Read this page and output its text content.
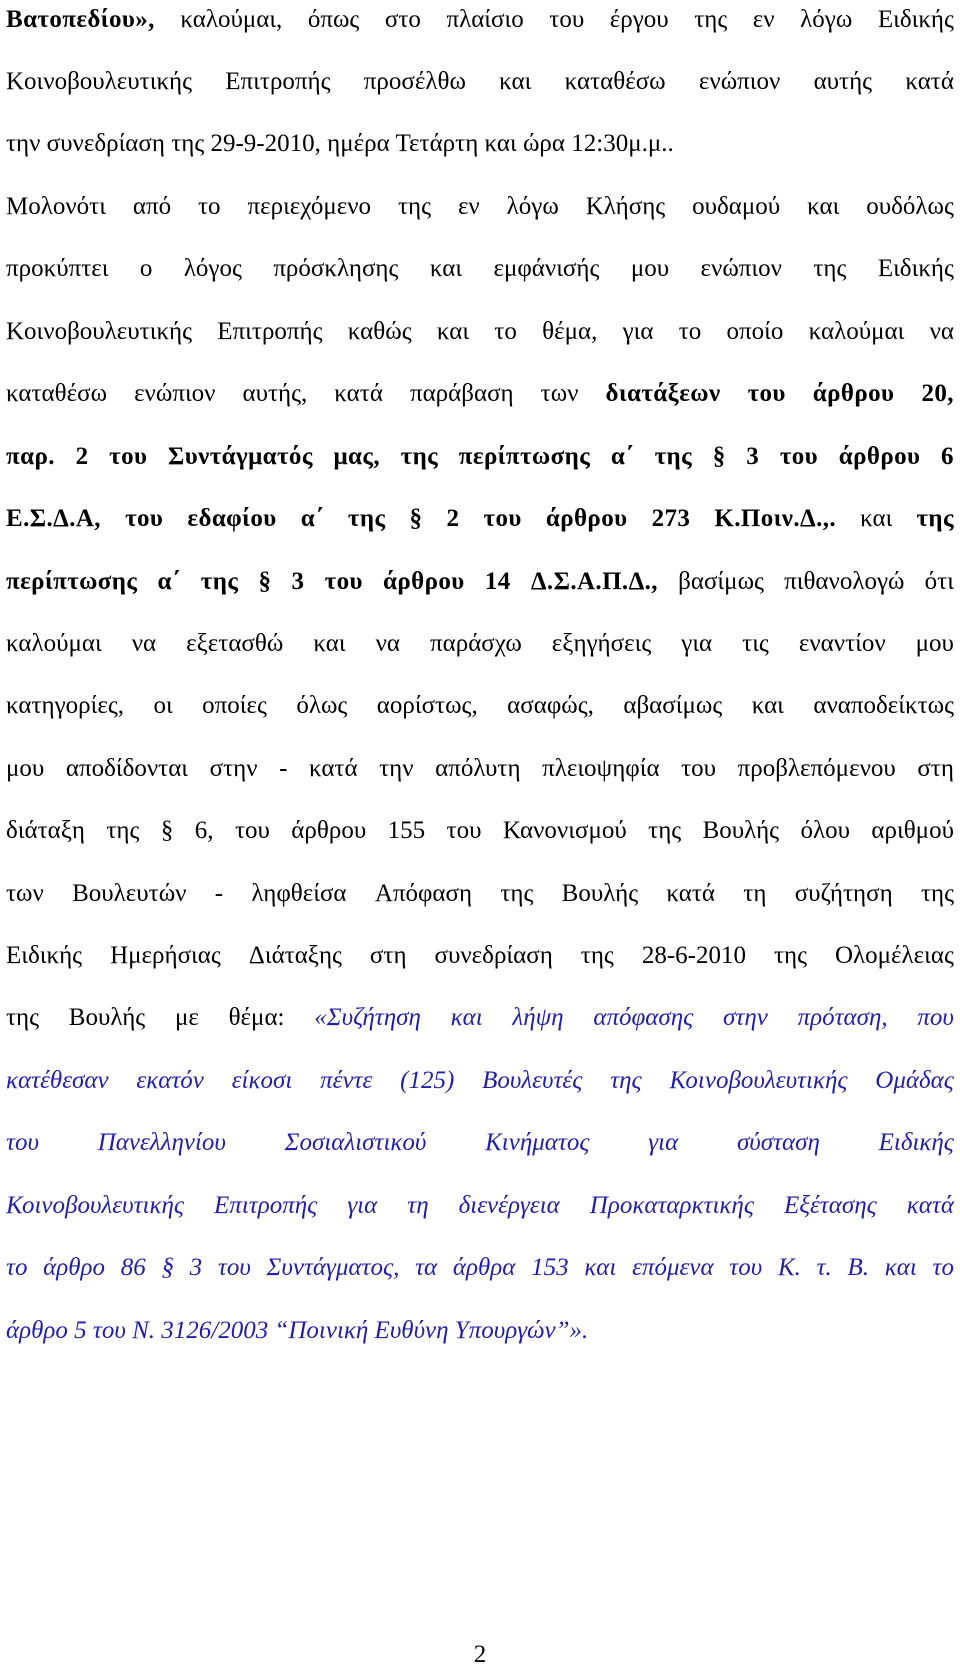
Βατοπεδίου», καλούμαι, όπως στο πλαίσιο του έργου της εν λόγω Ειδικής
Κοινοβουλευτικής Επιτροπής προσέλθω και καταθέσω ενώπιον αυτής κατά
την συνεδρίαση της 29-9-2010, ημέρα Τετάρτη και ώρα 12:30μ.μ..
Μολονότι από το περιεχόμενο της εν λόγω Κλήσης ουδαμού και ουδόλως
προκύπτει ο λόγος πρόσκλησης και εμφάνισής μου ενώπιον της Ειδικής
Κοινοβουλευτικής Επιτροπής καθώς και το θέμα, για το οποίο καλούμαι να
καταθέσω ενώπιον αυτής, κατά παράβαση των διατάξεων του άρθρου 20,
παρ. 2 του Συντάγματός μας, της περίπτωσης α΄ της § 3 του άρθρου 6
Ε.Σ.Δ.Α, του εδαφίου α΄ της § 2 του άρθρου 273 Κ.Ποιν.Δ.,. και της
περίπτωσης α΄ της § 3 του άρθρου 14 Δ.Σ.Α.Π.Δ., βασίμως πιθανολογώ ότι
καλούμαι να εξετασθώ και να παράσχω εξηγήσεις για τις εναντίον μου
κατηγορίες, οι οποίες όλως αορίστως, ασαφώς, αβασίμως και αναποδείκτως
μου αποδίδονται στην - κατά την απόλυτη πλειοψηφία του προβλεπόμενου στη
διάταξη της § 6, του άρθρου 155 του Κανονισμού της Βουλής όλου αριθμού
των Βουλευτών - ληφθείσα Απόφαση της Βουλής κατά τη συζήτηση της
Ειδικής Ημερήσιας Διάταξης στη συνεδρίαση της 28-6-2010 της Ολομέλειας
της Βουλής με θέμα: «Συζήτηση και λήψη απόφασης στην πρόταση, που
κατέθεσαν εκατόν είκοσι πέντε (125) Βουλευτές της Κοινοβουλευτικής Ομάδας
του Πανελληνίου Σοσιαλιστικού Κινήματος για σύσταση Ειδικής
Κοινοβουλευτικής Επιτροπής για τη διενέργεια Προκαταρκτικής Εξέτασης κατά
το άρθρο 86 § 3 του Συντάγματος, τα άρθρα 153 και επόμενα του Κ. τ. Β. και το
άρθρο 5 του Ν. 3126/2003 “Ποινική Ευθύνη Υπουργών”».
2
